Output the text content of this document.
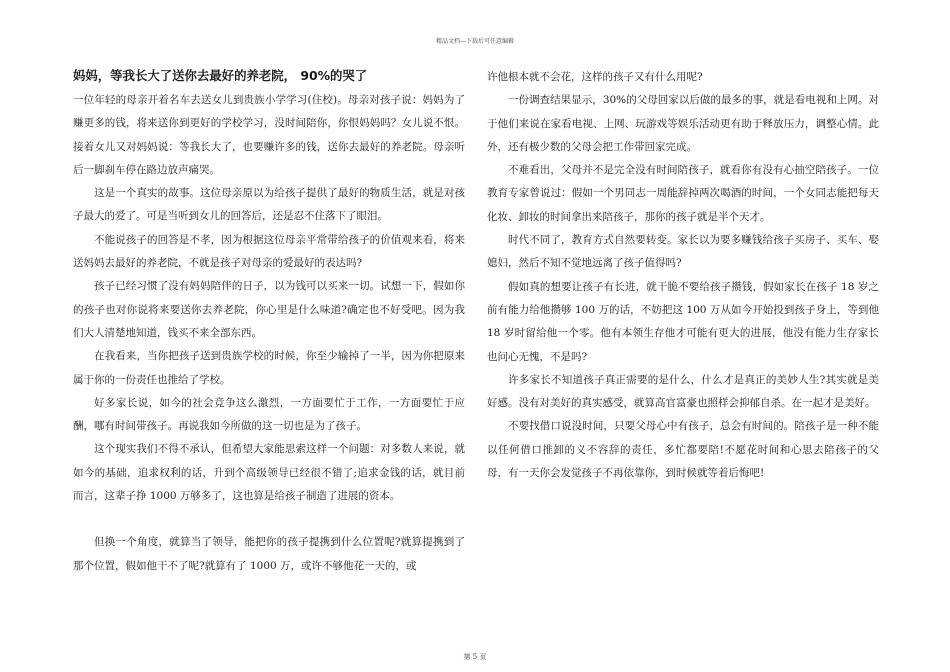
精品文档---下载后可任意编辑
妈妈，等我长大了送你去最好的养老院， 90%的哭了

一位年轻的母亲开着名车去送女儿到贵族小学学习(住校)。母亲对孩子说：妈妈为了赚更多的钱，将来送你到更好的学校学习，没时间陪你，你恨妈妈吗？女儿说不恨。接着女儿又对妈妈说：等我长大了，也要赚许多的钱，送你去最好的养老院。母亲听后一脚刹车停在路边放声痛哭。

这是一个真实的故事。这位母亲原以为给孩子提供了最好的物质生活，就是对孩子最大的爱了。可是当听到女儿的回答后，还是忍不住落下了眼泪。

不能说孩子的回答是不孝，因为根据这位母亲平常带给孩子的价值观来看，将来送妈妈去最好的养老院，不就是孩子对母亲的爱最好的表达吗?

孩子已经习惯了没有妈妈陪伴的日子，以为钱可以买来一切。试想一下，假如你的孩子也对你说将来要送你去养老院，你心里是什么味道?确定也不好受吧。因为我们大人清楚地知道，钱买不来全部东西。

在我看来，当你把孩子送到贵族学校的时候，你至少输掉了一半，因为你把原来属于你的一份责任也推给了学校。

好多家长说，如今的社会竞争这么激烈，一方面要忙于工作，一方面要忙于应酬，哪有时间带孩子。再说我如今所做的这一切也是为了孩子。

这个现实我们不得不承认，但希望大家能思索这样一个问题：对多数人来说，就如今的基础，追求权利的话，升到个高级领导已经很不错了;追求金钱的话，就目前而言，这辈子挣 1000 万够多了，这也算是给孩子制造了进展的资本。

但换一个角度，就算当了领导，能把你的孩子提携到什么位置呢?就算提携到了那个位置，假如他干不了呢?就算有了 1000 万，或许不够他花一天的，或

许他根本就不会花，这样的孩子又有什么用呢?

一份调查结果显示，30%的父母回家以后做的最多的事，就是看电视和上网。对于他们来说在家看电视、上网、玩游戏等娱乐活动更有助于释放压力，调整心情。此外，还有极少数的父母会把工作带回家完成。

不难看出，父母并不是完全没有时间陪孩子，就看你有没有心抽空陪孩子。一位教育专家曾说过：假如一个男同志一周能辞掉两次喝酒的时间，一个女同志能把每天化妆、卸妆的时间拿出来陪孩子，那你的孩子就是半个天才。

时代不同了，教育方式自然要转变。家长以为要多赚钱给孩子买房子、买车、娶媳妇，然后不知不觉地远离了孩子值得吗?

假如真的想要让孩子有长进，就干脆不要给孩子攒钱，假如家长在孩子 18 岁之前有能力给他攒够 100 万的话，不妨把这 100 万从如今开始投到孩子身上，等到他 18 岁时留给他一个零。他有本领生存他才可能有更大的进展，他没有能力生存家长也问心无愧，不是吗?

许多家长不知道孩子真正需要的是什么，什么才是真正的美妙人生?其实就是美好感。没有对美好的真实感受，就算高官富豪也照样会抑郁自杀。在一起才是美好。

不要找借口说没时间，只要父母心中有孩子，总会有时间的。陪孩子是一种不能以任何借口推卸的义不容辞的责任，多忙都要陪!不愿花时间和心思去陪孩子的父母，有一天你会发觉孩子不再依靠你，到时候就等着后悔吧!

第 5 页
